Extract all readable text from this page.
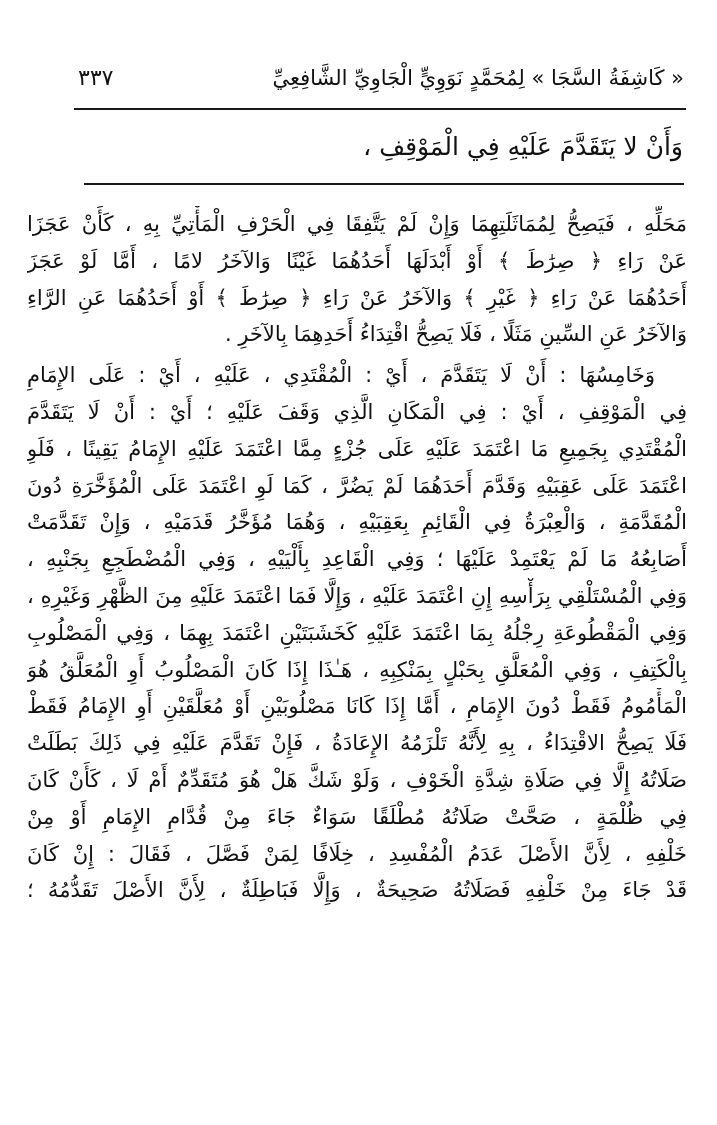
« كَاشِفَةُ السَّجَا » لِمُحَمَّدٍ نَوَوِيٍّ الْجَاوِيِّ الشَّافِعِيِّ
٣٣٧
وَأَنْ لا يَتَقَدَّمَ عَلَيْهِ فِي الْمَوْقِفِ ،
مَحَلِّهِ ، فَيَصِحُّ لِمُمَاثَلَتِهِمَا وَإِنْ لَمْ يَتَّفِقَا فِي الْحَرْفِ الْمَأْتِيِّ بِهِ ، كَأَنْ عَجَزَا
عَنْ رَاءِ ﴿ صِرَٰطَ ﴾ أَوْ أَبْدَلَهَا أَحَدُهُمَا غَيْنًا وَالآخَرُ لامًا ، أَمَّا لَوْ عَجَزَ
أَحَدُهُمَا عَنْ رَاءِ ﴿ غَيْرِ ﴾ وَالآخَرُ عَنْ رَاءِ ﴿ صِرَٰطَ ﴾ أَوْ أَحَدُهُمَا عَنِ الرَّاءِ
وَالآخَرُ عَنِ السِّينِ مَثَلًا ، فَلَا يَصِحُّ اقْتِدَاءُ أَحَدِهِمَا بِالآخَرِ .
وَخَامِسُهَا : أَنْ لَا يَتَقَدَّمَ ، أَيْ : الْمُقْتَدِي ، عَلَيْهِ ، أَيْ : عَلَى الإِمَامِ
فِي الْمَوْقِفِ ، أَيْ : فِي الْمَكَانِ الَّذِي وَقَفَ عَلَيْهِ ؛ أَيْ : أَنْ لَا يَتَقَدَّمَ
الْمُقْتَدِي بِجَمِيعِ مَا اعْتَمَدَ عَلَيْهِ عَلَى جُزْءٍ مِمَّا اعْتَمَدَ عَلَيْهِ الإِمَامُ يَقِينًا ، فَلَوِ
اعْتَمَدَ عَلَى عَقِبَيْهِ وَقَدَّمَ أَحَدَهُمَا لَمْ يَضُرَّ ، كَمَا لَوِ اعْتَمَدَ عَلَى الْمُؤَخَّرَةِ دُونَ
الْمُقَدَّمَةِ ، وَالْعِبْرَةُ فِي الْقَائِمِ بِعَقِبَيْهِ ، وَهُمَا مُؤَخَّرُ قَدَمَيْهِ ، وَإِنْ تَقَدَّمَتْ
أَصَابِعُهُ مَا لَمْ يَعْتَمِدْ عَلَيْهَا ؛ وَفِي الْقَاعِدِ بِأَلْيَيْهِ ، وَفِي الْمُضْطَجِعِ بِجَنْبِهِ ،
وَفِي الْمُسْتَلْقِي بِرَأْسِهِ إِنِ اعْتَمَدَ عَلَيْهِ ، وَإِلَّا فَمَا اعْتَمَدَ عَلَيْهِ مِنَ الظَّهْرِ وَغَيْرِهِ ،
وَفِي الْمَقْطُوعَةِ رِجْلُهُ بِمَا اعْتَمَدَ عَلَيْهِ كَخَشَبَتَيْنِ اعْتَمَدَ بِهِمَا ، وَفِي الْمَصْلُوبِ
بِالْكَتِفِ ، وَفِي الْمُعَلَّقِ بِحَبْلٍ بِمَنْكِبِهِ ، هَـٰذَا إِذَا كَانَ الْمَصْلُوبُ أَوِ الْمُعَلَّقُ هُوَ
الْمَأْمُومُ فَقَطْ دُونَ الإِمَامِ ، أَمَّا إِذَا كَانَا مَصْلُوبَيْنِ أَوْ مُعَلَّقَيْنِ أَوِ الإِمَامُ فَقَطْ
فَلَا يَصِحُّ الاقْتِدَاءُ ، بِهِ لِأَنَّهُ تَلْزَمُهُ الإِعَادَةُ ، فَإِنْ تَقَدَّمَ عَلَيْهِ فِي ذَلِكَ بَطَلَتْ
صَلَاتُهُ إِلَّا فِي صَلَاةِ شِدَّةِ الْخَوْفِ ، وَلَوْ شَكَّ هَلْ هُوَ مُتَقَدِّمٌ أَمْ لَا ، كَأَنْ كَانَ
فِي ظُلْمَةٍ ، صَحَّتْ صَلَاتُهُ مُطْلَقًا سَوَاءٌ جَاءَ مِنْ قُدَّامِ الإِمَامِ أَوْ مِنْ
خَلْفِهِ ، لِأَنَّ الأَصْلَ عَدَمُ الْمُفْسِدِ ، خِلَافًا لِمَنْ فَصَّلَ ، فَقَالَ : إِنْ كَانَ
قَدْ جَاءَ مِنْ خَلْفِهِ فَصَلَاتُهُ صَحِيحَةٌ ، وَإِلَّا فَبَاطِلَةٌ ، لِأَنَّ الأَصْلَ تَقَدُّمُهُ ؛
